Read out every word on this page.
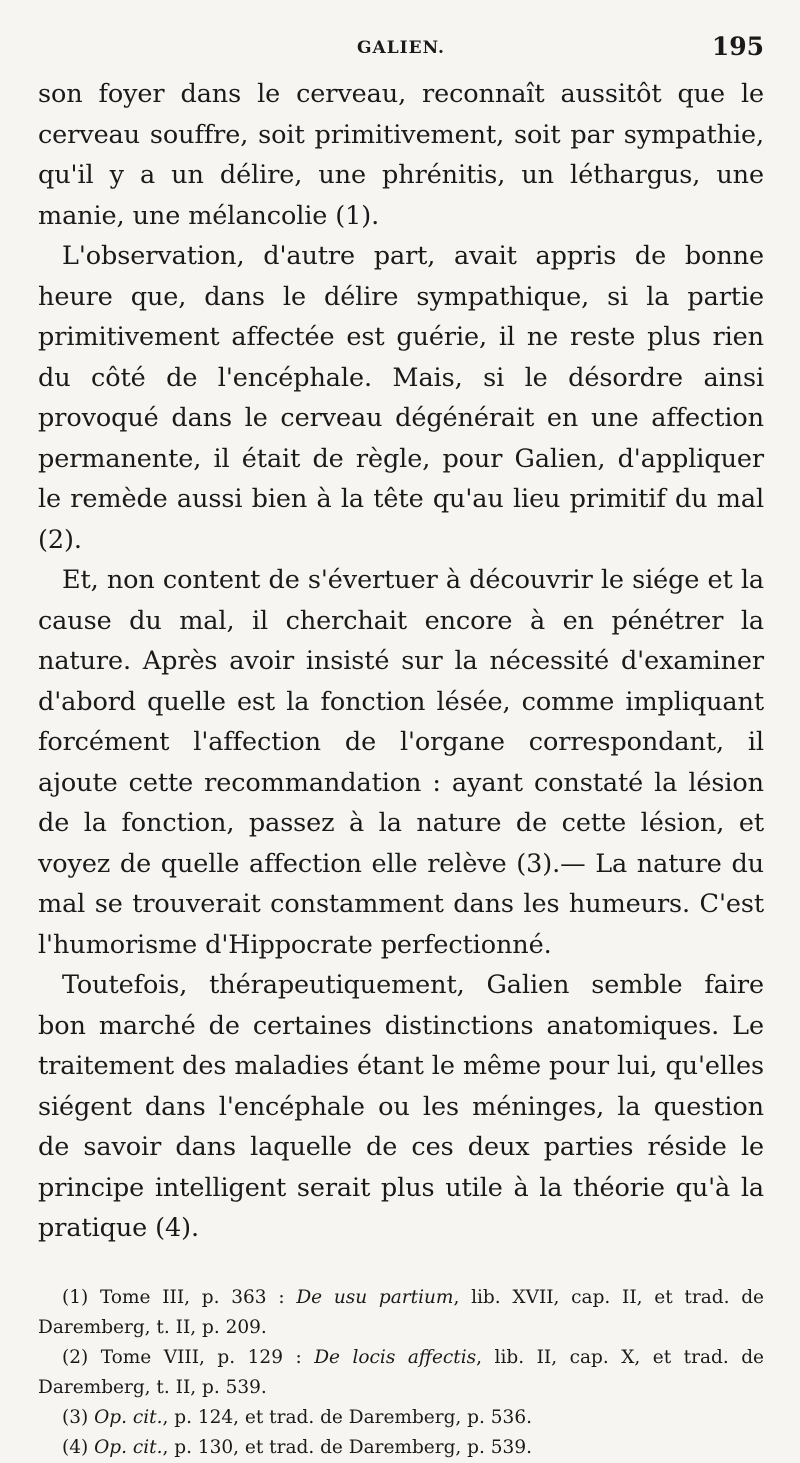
GALIEN.	195

son foyer dans le cerveau, reconnaît aussitôt que le cerveau souffre, soit primitivement, soit par sympathie, qu'il y a un délire, une phrénitis, un léthargus, une manie, une mélancolie (1).

L'observation, d'autre part, avait appris de bonne heure que, dans le délire sympathique, si la partie primitivement affectée est guérie, il ne reste plus rien du côté de l'encéphale. Mais, si le désordre ainsi provoqué dans le cerveau dégénérait en une affection permanente, il était de règle, pour Galien, d'appliquer le remède aussi bien à la tête qu'au lieu primitif du mal (2).

Et, non content de s'évertuer à découvrir le siége et la cause du mal, il cherchait encore à en pénétrer la nature. Après avoir insisté sur la nécessité d'examiner d'abord quelle est la fonction lésée, comme impliquant forcément l'affection de l'organe correspondant, il ajoute cette recommandation : ayant constaté la lésion de la fonction, passez à la nature de cette lésion, et voyez de quelle affection elle relève (3).— La nature du mal se trouverait constamment dans les humeurs. C'est l'humorisme d'Hippocrate perfectionné.

Toutefois, thérapeutiquement, Galien semble faire bon marché de certaines distinctions anatomiques. Le traitement des maladies étant le même pour lui, qu'elles siégent dans l'encéphale ou les méninges, la question de savoir dans laquelle de ces deux parties réside le principe intelligent serait plus utile à la théorie qu'à la pratique (4).

(1) Tome III, p. 363 : De usu partium, lib. XVII, cap. II, et trad. de Daremberg, t. II, p. 209.

(2) Tome VIII, p. 129 : De locis affectis, lib. II, cap. X, et trad. de Daremberg, t. II, p. 539.

(3) Op. cit., p. 124, et trad. de Daremberg, p. 536.

(4) Op. cit., p. 130, et trad. de Daremberg, p. 539.
